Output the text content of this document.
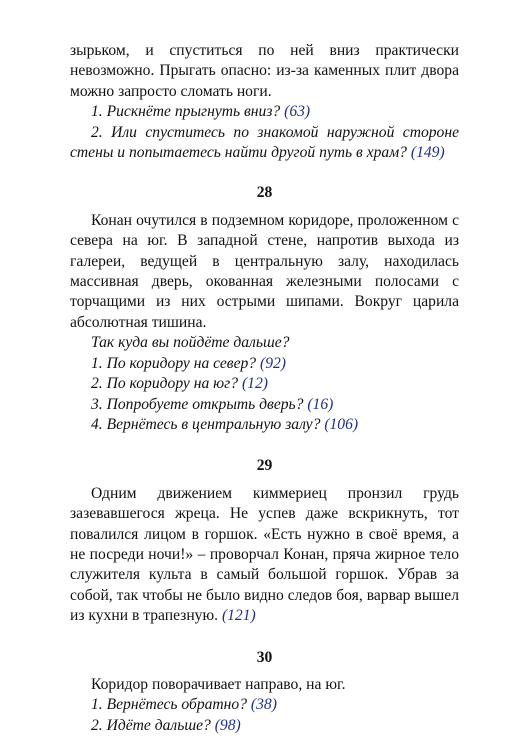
зырьком, и спуститься по ней вниз практически невозможно. Прыгать опасно: из-за каменных плит двора можно запросто сломать ноги.

1. Рискнёте прыгнуть вниз? (63)

2. Или спуститесь по знакомой наружной стороне стены и попытаетесь найти другой путь в храм? (149)

28

Конан очутился в подземном коридоре, проложенном с севера на юг. В западной стене, напротив выхода из галереи, ведущей в центральную залу, находилась массивная дверь, окованная железными полосами с торчащими из них острыми шипами. Вокруг царила абсолютная тишина.

Так куда вы пойдёте дальше?

1. По коридору на север? (92)

2. По коридору на юг? (12)

3. Попробуете открыть дверь? (16)

4. Вернётесь в центральную залу? (106)

29

Одним движением киммериец пронзил грудь зазевавшегося жреца. Не успев даже вскрикнуть, тот повалился лицом в горшок. «Есть нужно в своё время, а не посреди ночи!» – проворчал Конан, пряча жирное тело служителя культа в самый большой горшок. Убрав за собой, так чтобы не было видно следов боя, варвар вышел из кухни в трапезную. (121)

30

Коридор поворачивает направо, на юг.

1. Вернётесь обратно? (38)

2. Идёте дальше? (98)
